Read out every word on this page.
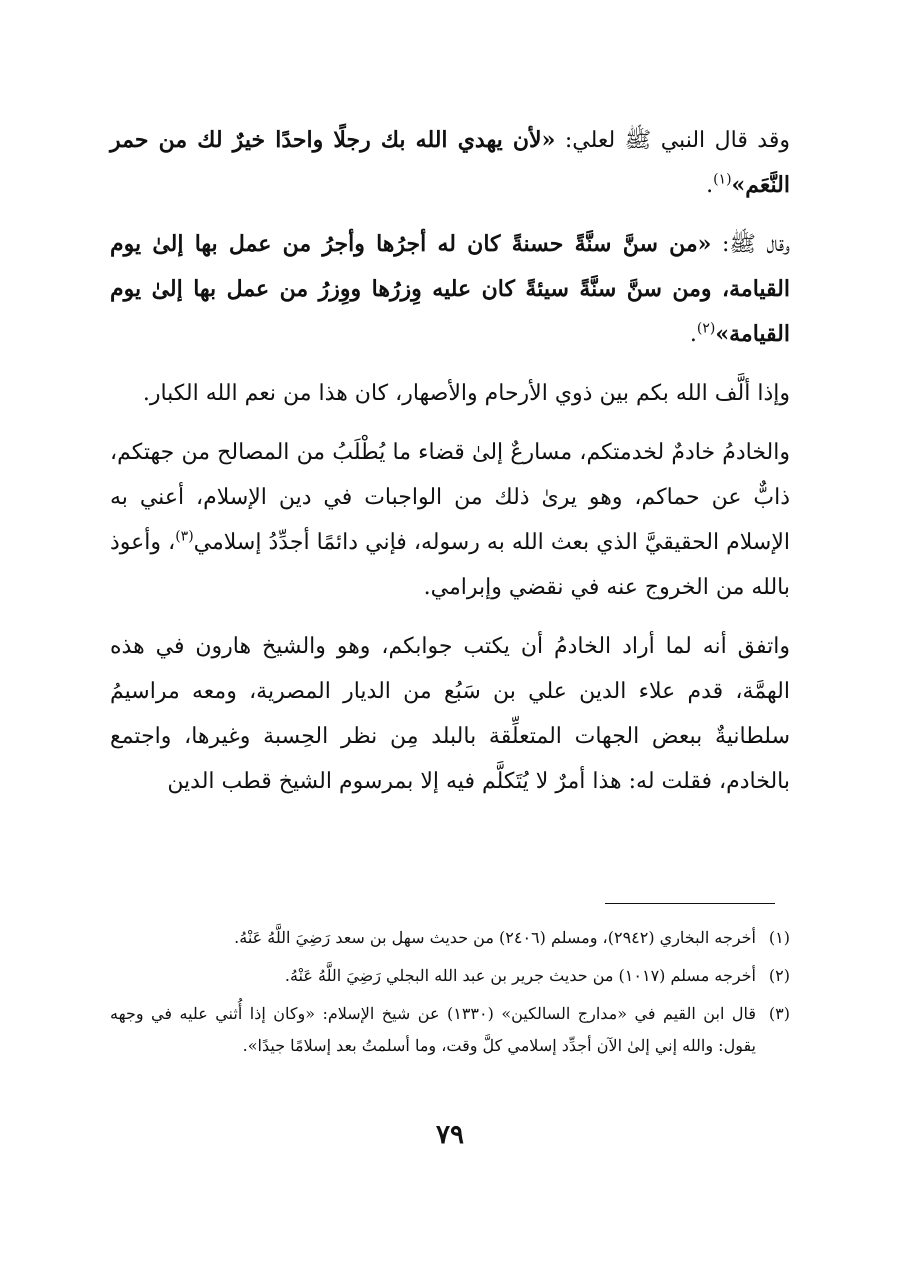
وقد قال النبي ﷺ لعلي: «لأن يهدي الله بك رجلًا واحدًا خيرٌ لك من حمر النَّعَم»$^{(١)}$.

وقال ﷺ: «من سنَّ سنَّةً حسنةً كان له أجرُها وأجرُ من عمل بها إلىٰ يوم القيامة، ومن سنَّ سنَّةً سيئةً كان عليه وِزرُها ووِزرُ من عمل بها إلىٰ يوم القيامة»$^{(٢)}$.

وإذا ألَّف الله بكم بين ذوي الأرحام والأصهار، كان هذا من نعم الله الكبار.

والخادمُ خادمٌ لخدمتكم، مسارعٌ إلىٰ قضاء ما يُطْلَبُ من المصالح من جهتكم، ذابٌّ عن حماكم، وهو يرىٰ ذلك من الواجبات في دين الإسلام، أعني به الإسلام الحقيقيَّ الذي بعث الله به رسوله، فإني دائمًا أجدِّدُ إسلامي$^{(٣)}$، وأعوذ بالله من الخروج عنه في نقضي وإبرامي.

واتفق أنه لما أراد الخادمُ أن يكتب جوابكم، وهو والشيخ هارون في هذه الهمَّة، قدم علاء الدين علي بن سَبُع من الديار المصرية، ومعه مراسيمُ سلطانيةٌ ببعض الجهات المتعلِّقة بالبلد مِن نظر الحِسبة وغيرها، واجتمع بالخادم، فقلت له: هذا أمرٌ لا يُتَكلَّم فيه إلا بمرسوم الشيخ قطب الدين

(١)
أخرجه البخاري (٢٩٤٢)، ومسلم (٢٤٠٦) من حديث سهل بن سعد رَضِيَ اللَّهُ عَنْهُ.
(٢)
أخرجه مسلم (١٠١٧) من حديث جرير بن عبد الله البجلي رَضِيَ اللَّهُ عَنْهُ.
(٣)
قال ابن القيم في «مدارج السالكين» (١٣٣٠) عن شيخ الإسلام: «وكان إذا أُثني عليه في وجهه يقول: والله إني إلىٰ الآن أجدِّد إسلامي كلَّ وقت، وما أسلمتُ بعد إسلامًا جيدًا».
٧٩
